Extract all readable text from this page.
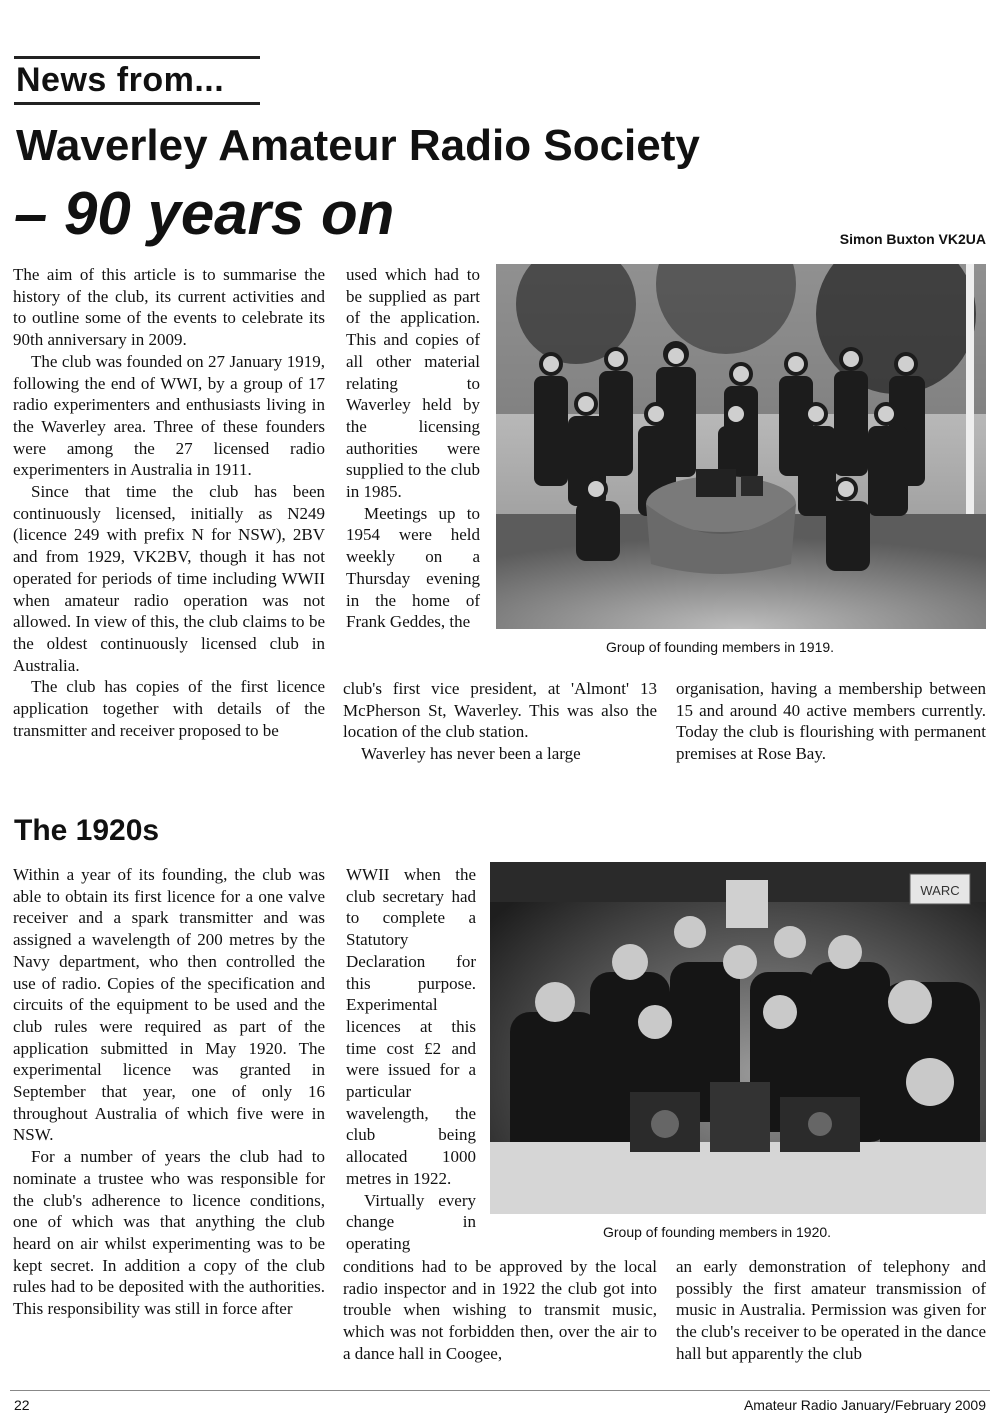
News from...
Waverley Amateur Radio Society
– 90 years on	Simon Buxton VK2UA

The aim of this article is to summarise the history of the club, its current activities and to outline some of the events to celebrate its 90th anniversary in 2009.

The club was founded on 27 January 1919, following the end of WWI, by a group of 17 radio experimenters and enthusiasts living in the Waverley area. Three of these founders were among the 27 licensed radio experimenters in Australia in 1911.

Since that time the club has been continuously licensed, initially as N249 (licence 249 with prefix N for NSW), 2BV and from 1929, VK2BV, though it has not operated for periods of time including WWII when amateur radio operation was not allowed. In view of this, the club claims to be the oldest continuously licensed club in Australia.

The club has copies of the first licence application together with details of the transmitter and receiver proposed to be

used which had to be supplied as part of the application. This and copies of all other material relating to Waverley held by the licensing authorities were supplied to the club in 1985.

Meetings up to 1954 were held weekly on a Thursday evening in the home of Frank Geddes, the

Group of founding members in 1919.

club's first vice president, at 'Almont' 13 McPherson St, Waverley. This was also the location of the club station.

Waverley has never been a large

organisation, having a membership between 15 and around 40 active members currently. Today the club is flourishing with permanent premises at Rose Bay.

The 1920s

Within a year of its founding, the club was able to obtain its first licence for a one valve receiver and a spark transmitter and was assigned a wavelength of 200 metres by the Navy department, who then controlled the use of radio. Copies of the specification and circuits of the equipment to be used and the club rules were required as part of the application submitted in May 1920. The experimental licence was granted in September that year, one of only 16 throughout Australia of which five were in NSW.

For a number of years the club had to nominate a trustee who was responsible for the club's adherence to licence conditions, one of which was that anything the club heard on air whilst experimenting was to be kept secret. In addition a copy of the club rules had to be deposited with the authorities. This responsibility was still in force after

WWII when the club secretary had to complete a Statutory Declaration for this purpose. Experimental licences at this time cost £2 and were issued for a particular wavelength, the club being allocated 1000 metres in 1922.

Virtually every change in operating

WARC
Group of founding members in 1920.

conditions had to be approved by the local radio inspector and in 1922 the club got into trouble when wishing to transmit music, which was not forbidden then, over the air to a dance hall in Coogee,

an early demonstration of telephony and possibly the first amateur transmission of music in Australia. Permission was given for the club's receiver to be operated in the dance hall but apparently the club

22	Amateur Radio January/February 2009
